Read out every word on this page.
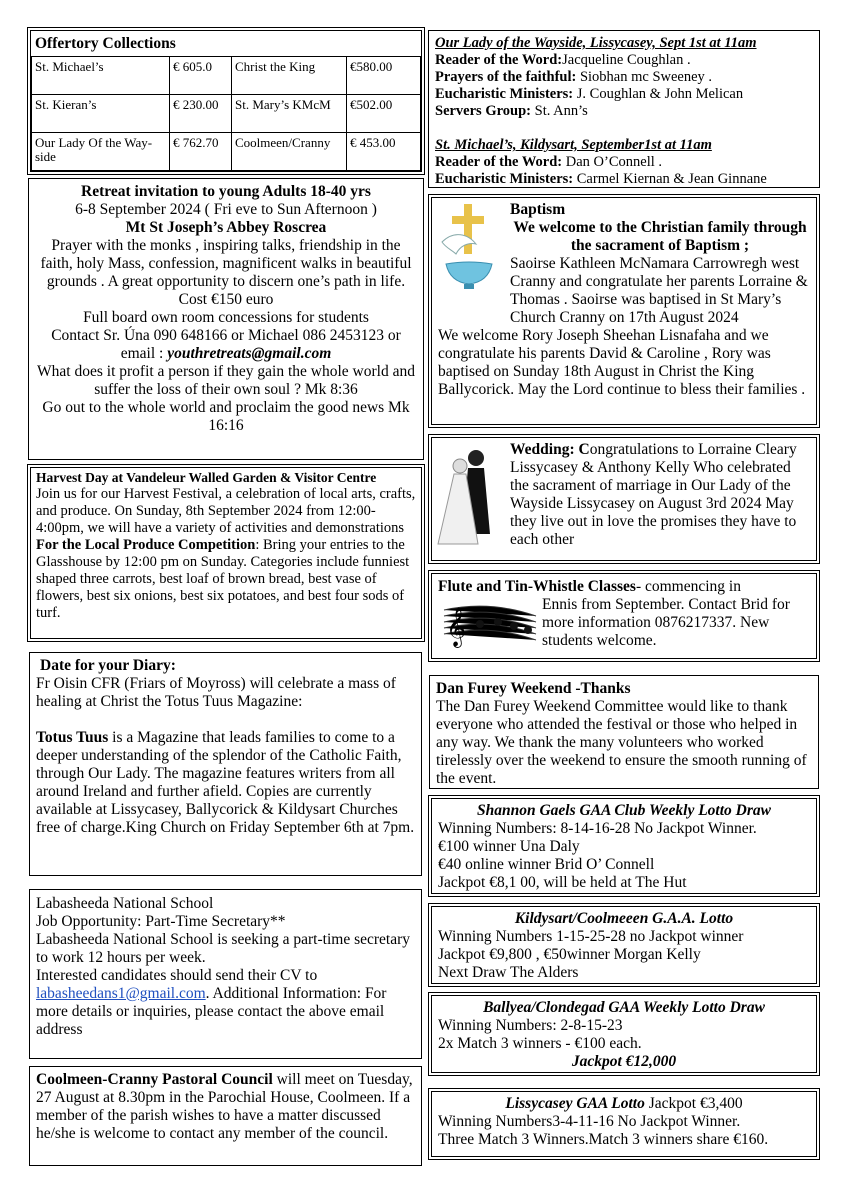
Offertory Collections
St. Michael’s	€ 605.0	Christ the King	€580.00
St. Kieran’s	€ 230.00	St. Mary’s KMcM	€502.00
Our Lady Of the Way-side	€ 762.70	Coolmeen/Cranny	€ 453.00

Retreat invitation to young Adults 18-40 yrs

6-8 September 2024 ( Fri eve to Sun Afternoon )

Mt St Joseph’s Abbey Roscrea

Prayer with the monks , inspiring talks, friendship in the faith, holy Mass, confession, magnificent walks in beautiful grounds . A great opportunity to discern one’s path in life.

Cost €150 euro

Full board own room concessions for students

Contact Sr. Úna 090 648166 or Michael 086 2453123 or email : youthretreats@gmail.com

What does it profit a person if they gain the whole world and suffer the loss of their own soul ? Mk 8:36

Go out to the whole world and proclaim the good news Mk 16:16

Harvest Day at Vandeleur Walled Garden & Visitor Centre

Join us for our Harvest Festival, a celebration of local arts, crafts, and produce. On Sunday, 8th September 2024 from 12:00-4:00pm, we will have a variety of activities and demonstrations

For the Local Produce Competition: Bring your entries to the Glasshouse by 12:00 pm on Sunday. Categories include funniest shaped three carrots, best loaf of brown bread, best vase of flowers, best six onions, best six potatoes, and best four sods of turf.

Date for your Diary:

Fr Oisin CFR (Friars of Moyross) will celebrate a mass of healing at Christ the Totus Tuus Magazine:

Totus Tuus is a Magazine that leads families to come to a deeper understanding of the splendor of the Catholic Faith, through Our Lady. The magazine features writers from all around Ireland and further afield. Copies are currently available at Lissycasey, Ballycorick & Kildysart Churches free of charge.King Church on Friday September 6th at 7pm.

Labasheeda National School

Job Opportunity: Part-Time Secretary**

Labasheeda National School is seeking a part-time secretary to work 12 hours per week.

Interested candidates should send their CV to labasheedans1@gmail.com. Additional Information: For more details or inquiries, please contact the above email address

Coolmeen-Cranny Pastoral Council will meet on Tuesday, 27 August at 8.30pm in the Parochial House, Coolmeen. If a member of the parish wishes to have a matter discussed he/she is welcome to contact any member of the council.

Our Lady of the Wayside, Lissycasey, Sept 1st at 11am

Reader of the Word:Jacqueline Coughlan .

Prayers of the faithful: Siobhan mc Sweeney .

Eucharistic Ministers: J. Coughlan & John Melican

Servers Group: St. Ann’s

St. Michael’s, Kildysart, September1st at 11am

Reader of the Word: Dan O’Connell .

Eucharistic Ministers: Carmel Kiernan & Jean Ginnane

Baptism

We welcome to the Christian family through the sacrament of Baptism ;

Saoirse Kathleen McNamara Carrowregh west Cranny and congratulate her parents Lorraine & Thomas . Saoirse was baptised in St Mary’s Church Cranny on 17th August 2024

We welcome Rory Joseph Sheehan Lisnafaha and we congratulate his parents David & Caroline , Rory was baptised on Sunday 18th August in Christ the King Ballycorick. May the Lord continue to bless their families .

Wedding: Congratulations to Lorraine Cleary Lissycasey & Anthony Kelly Who celebrated the sacrament of marriage in Our Lady of the Wayside Lissycasey on August 3rd 2024 May they live out in love the promises they have to each other

𝄞

Flute and Tin-Whistle Classes- commencing in
Ennis from September. Contact Brid for more information 0876217337. New students welcome.

Dan Furey Weekend -Thanks

The Dan Furey Weekend Committee would like to thank everyone who attended the festival or those who helped in any way. We thank the many volunteers who worked tirelessly over the weekend to ensure the smooth running of the event.

Shannon Gaels GAA Club Weekly Lotto Draw

Winning Numbers: 8-14-16-28 No Jackpot Winner.

€100 winner Una Daly

€40 online winner Brid O’ Connell

Jackpot €8,1 00, will be held at The Hut

Kildysart/Coolmeeen G.A.A. Lotto

Winning Numbers 1-15-25-28 no Jackpot winner

Jackpot €9,800 , €50winner Morgan Kelly

Next Draw The Alders

Ballyea/Clondegad GAA Weekly Lotto Draw

Winning Numbers: 2-8-15-23

2x Match 3 winners - €100 each.

Jackpot €12,000

Lissycasey GAA Lotto Jackpot €3,400

Winning Numbers3-4-11-16 No Jackpot Winner.

Three Match 3 Winners.Match 3 winners share €160.
